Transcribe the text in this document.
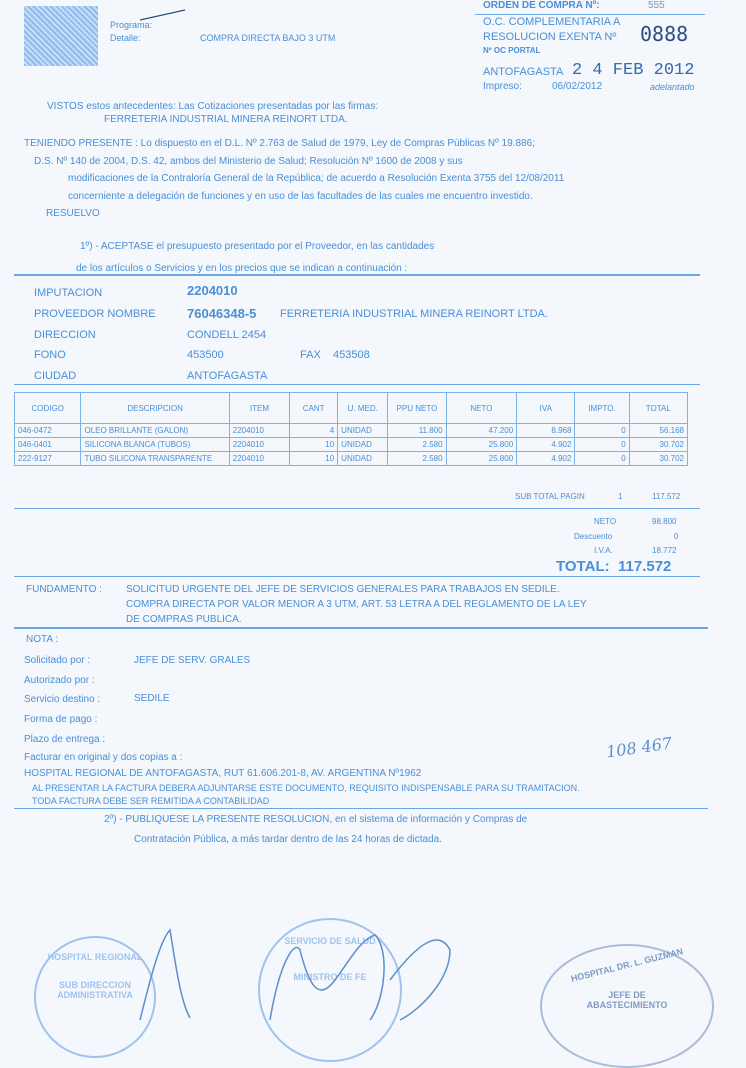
Programa:
Detalle:	COMPRA DIRECTA BAJO 3 UTM
ORDEN DE COMPRA Nº:	555
O.C. COMPLEMENTARIA A
RESOLUCION EXENTA Nº 0888
Nº OC PORTAL
ANTOFAGASTA 2 4 FEB 2012
Impreso:	06/02/2012	adelantado
VISTOS estos antecedentes: Las Cotizaciones presentadas por las firmas:
FERRETERIA INDUSTRIAL MINERA REINORT LTDA.
TENIENDO PRESENTE : Lo dispuesto en el D.L. Nº 2.763 de Salud de 1979, Ley de Compras Públicas Nº 19.886;
D.S. Nº 140 de 2004, D.S. 42, ambos del Ministerio de Salud; Resolución Nº 1600 de 2008 y sus
modificaciones de la Contraloría General de la República; de acuerdo a Resolución Exenta 3755 del 12/08/2011
concerniente a delegación de funciones y en uso de las facultades de las cuales me encuentro investido.
RESUELVO
1º) - ACEPTASE el presupuesto presentado por el Proveedor, en las cantidades
de los artículos o Servicios y en los precios que se indican a continuación :
IMPUTACION	2204010
PROVEEDOR NOMBRE 76046348-5 FERRETERIA INDUSTRIAL MINERA REINORT LTDA.
DIRECCION	CONDELL 2454
FONO	453500	FAX 453508
CIUDAD	ANTOFAGASTA
CODIGO	DESCRIPCION	ITEM	CANT	U. MED.	PPU NETO	NETO	IVA	IMPTO.	TOTAL
046-0472	OLEO BRILLANTE (GALON)	2204010	4	UNIDAD	11.800	47.200	8.968	0	56.168
046-0401	SILICONA BLANCA (TUBOS)	2204010	10	UNIDAD	2.580	25.800	4.902	0	30.702
222-9127	TUBO SILICONA TRANSPARENTE	2204010	10	UNIDAD	2.580	25.800	4.902	0	30.702
SUB TOTAL PAGIN	1	117.572
NETO	98.800
Descuento	0
I.V.A.	18.772
TOTAL: 117.572
FUNDAMENTO : SOLICITUD URGENTE DEL JEFE DE SERVICIOS GENERALES PARA TRABAJOS EN SEDILE.
COMPRA DIRECTA POR VALOR MENOR A 3 UTM, ART. 53 LETRA A DEL REGLAMENTO DE LA LEY
DE COMPRAS PUBLICA.
NOTA :
Solicitado por :	JEFE DE SERV. GRALES
Autorizado por :
Servicio destino :	SEDILE
Forma de pago :
Plazo de entrega :
Facturar en original y dos copias a :	108 467
HOSPITAL REGIONAL DE ANTOFAGASTA, RUT 61.606.201-8, AV. ARGENTINA Nº1962
AL PRESENTAR LA FACTURA DEBERA ADJUNTARSE ESTE DOCUMENTO, REQUISITO INDISPENSABLE PARA SU TRAMITACION.
TODA FACTURA DEBE SER REMITIDA A CONTABILIDAD
2º) - PUBLIQUESE LA PRESENTE RESOLUCION, en el sistema de información y Compras de
Contratación Pública, a más tardar dentro de las 24 horas de dictada.
HOSPITAL REGIONAL
SUB DIRECCION ADMINISTRATIVA
SERVICIO DE SALUD
MINISTRO DE FE	HOSPITAL DR. L. GUZMAN
JEFE DE ABASTECIMIENTO
